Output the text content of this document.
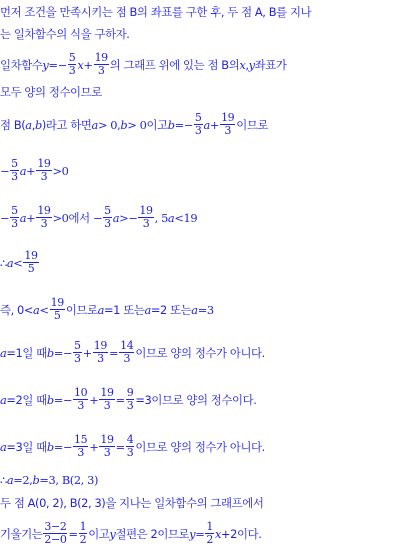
먼저 조건을 만족시키는 점 B의 좌표를 구한 후, 두 점 A, B를 지나
는 일차함수의 식을 구하자.
일차함수 $y =- \frac{5}{3}$ $x + \frac{19}{3}$ 의 그래프 위에 있는 점 B의 x , y 좌표가
모두 양의 정수이므로
점 B( a , b )라고 하면 a > 0, b > 0이고 $b =- \frac{5}{3}$ $a + \frac{19}{3}$ 이므로
− $\frac{5}{3}$ $a + \frac{19}{3} >0$
− $\frac{5}{3}$ $a + \frac{19}{3} >0$에서 − $\frac{5}{3}$ $a >- \frac{19}{3}$ , 5 a <19
∴ $a < \frac{19}{5}$
즉, $0< a < \frac{19}{5}$ 이므로 a =1 또는 a =2 또는 a =3
a =1일 때 $b =- \frac{5}{3} + \frac{19}{3} = \frac{14}{3}$ 이므로 양의 정수가 아니다.
a =2일 때 $b =- \frac{10}{3} + \frac{19}{3} = \frac{9}{3} =3$이므로 양의 정수이다.
a =3일 때 $b =- \frac{15}{3} + \frac{19}{3} = \frac{4}{3}$ 이므로 양의 정수가 아니다.
∴ a =2, b =3, B(2, 3)
두 점 A(0, 2), B(2, 3)을 지나는 일차함수의 그래프에서
기울기는 $\frac{3-2}{2-0} = \frac{1}{2}$ 이고 y 절편은 2이므로 $y = \frac{1}{2}$ x +2이다.
